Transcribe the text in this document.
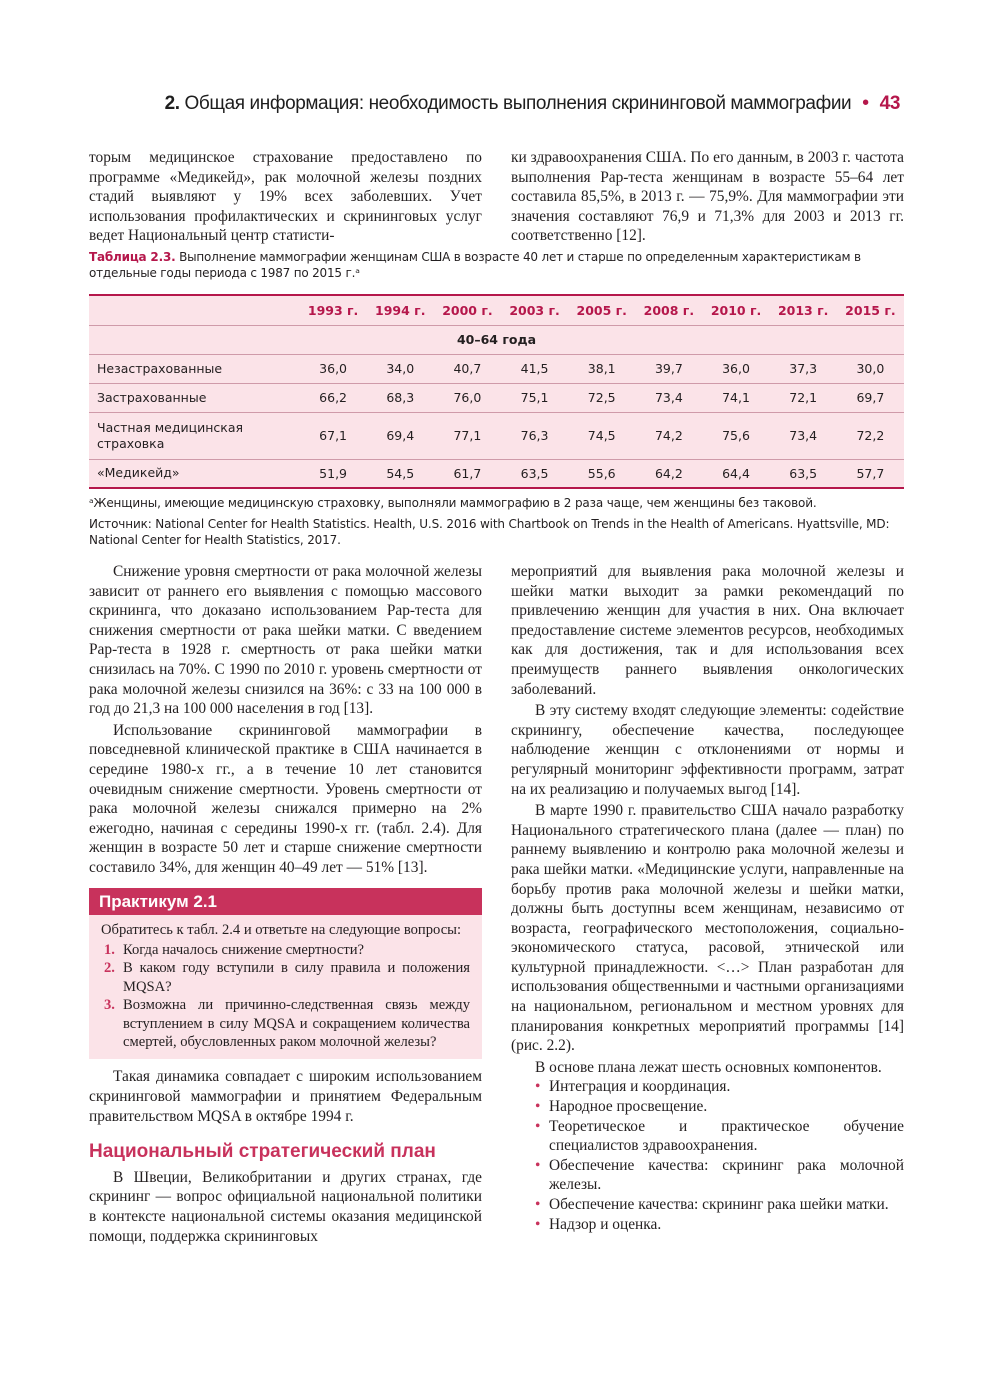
2. Общая информация: необходимость выполнения скрининговой маммографии • 43

торым медицинское страхование предоставлено по программе «Медикейд», рак молочной железы поздних стадий выявляют у 19% всех заболевших. Учет использования профилактических и скрининговых услуг ведет Национальный центр статисти-

ки здравоохранения США. По его данным, в 2003 г. частота выполнения Pap-теста женщинам в возрасте 55–64 лет составила 85,5%, в 2013 г. — 75,9%. Для маммографии эти значения составляют 76,9 и 71,3% для 2003 и 2013 гг. соответственно [12].

Таблица 2.3. Выполнение маммографии женщинам США в возрасте 40 лет и старше по определенным характеристикам в отдельные годы периода с 1987 по 2015 г.ᵃ
	1993 г.	1994 г.	2000 г.	2003 г.	2005 г.	2008 г.	2010 г.	2013 г.	2015 г.
40–64 года									
Незастрахованные	36,0	34,0	40,7	41,5	38,1	39,7	36,0	37,3	30,0
Застрахованные	66,2	68,3	76,0	75,1	72,5	73,4	74,1	72,1	69,7
Частная медицинская страховка	67,1	69,4	77,1	76,3	74,5	74,2	75,6	73,4	72,2
«Медикейд»	51,9	54,5	61,7	63,5	55,6	64,2	64,4	63,5	57,7
ᵃЖенщины, имеющие медицинскую страховку, выполняли маммографию в 2 раза чаще, чем женщины без таковой.
Источник: National Center for Health Statistics. Health, U.S. 2016 with Chartbook on Trends in the Health of Americans. Hyattsville, MD: National Center for Health Statistics, 2017.

Снижение уровня смертности от рака молочной железы зависит от раннего его выявления с помощью массового скрининга, что доказано использованием Pap-теста для снижения смертности от рака шейки матки. С введением Pap-теста в 1928 г. смертность от рака шейки матки снизилась на 70%. С 1990 по 2010 г. уровень смертности от рака молочной железы снизился на 36%: с 33 на 100 000 в год до 21,3 на 100 000 населения в год [13].

Использование скрининговой маммографии в повседневной клинической практике в США начинается в середине 1980-х гг., а в течение 10 лет становится очевидным снижение смертности. Уровень смертности от рака молочной железы снижался примерно на 2% ежегодно, начиная с середины 1990-х гг. (табл. 2.4). Для женщин в возрасте 50 лет и старше снижение смертности составило 34%, для женщин 40–49 лет — 51% [13].

Практикум 2.1
Обратитесь к табл. 2.4 и ответьте на следующие вопросы:
1. Когда началось снижение смертности?
2. В каком году вступили в силу правила и положения MQSA?
3. Возможна ли причинно-следственная связь между вступлением в силу MQSA и сокращением количества смертей, обусловленных раком молочной железы?

Такая динамика совпадает с широким использованием скрининговой маммографии и принятием Федеральным правительством MQSA в октябре 1994 г.

Национальный стратегический план

В Швеции, Великобритании и других странах, где скрининг — вопрос официальной национальной политики в контексте национальной системы оказания медицинской помощи, поддержка скрининговых

мероприятий для выявления рака молочной железы и шейки матки выходит за рамки рекомендаций по привлечению женщин для участия в них. Она включает предоставление системе элементов ресурсов, необходимых как для достижения, так и для использования всех преимуществ раннего выявления онкологических заболеваний.

В эту систему входят следующие элементы: содействие скринингу, обеспечение качества, последующее наблюдение женщин с отклонениями от нормы и регулярный мониторинг эффективности программ, затрат на их реализацию и получаемых выгод [14].

В марте 1990 г. правительство США начало разработку Национального стратегического плана (далее — план) по раннему выявлению и контролю рака молочной железы и рака шейки матки. «Медицинские услуги, направленные на борьбу против рака молочной железы и шейки матки, должны быть доступны всем женщинам, независимо от возраста, географического местоположения, социально-экономического статуса, расовой, этнической или культурной принадлежности. <…> План разработан для использования общественными и частными организациями на национальном, региональном и местном уровнях для планирования конкретных мероприятий программы [14] (рис. 2.2).

В основе плана лежат шесть основных компонентов.

• Интеграция и координация.
• Народное просвещение.
• Теоретическое и практическое обучение специалистов здравоохранения.
• Обеспечение качества: скрининг рака молочной железы.
• Обеспечение качества: скрининг рака шейки матки.
• Надзор и оценка.
